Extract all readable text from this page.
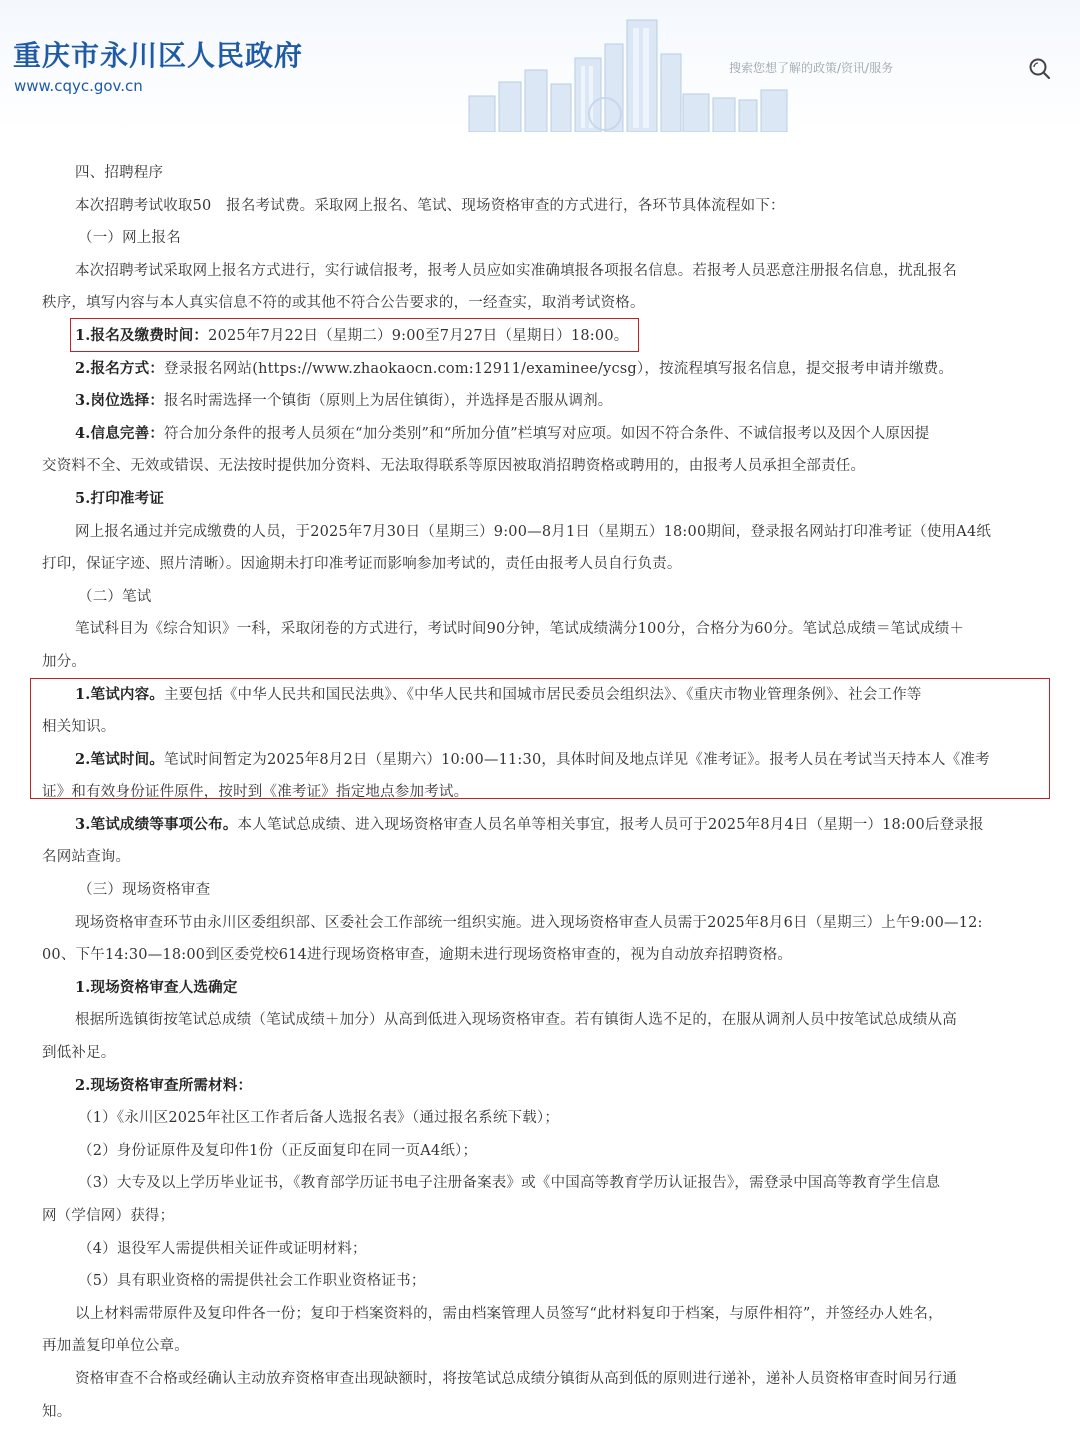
重庆市永川区人民政府
www.cqyc.gov.cn
搜索您想了解的政策/资讯/服务

四、招聘程序

本次招聘考试收取50　报名考试费。采取网上报名、笔试、现场资格审查的方式进行，各环节具体流程如下：

（一）网上报名

本次招聘考试采取网上报名方式进行，实行诚信报考，报考人员应如实准确填报各项报名信息。若报考人员恶意注册报名信息，扰乱报名

秩序，填写内容与本人真实信息不符的或其他不符合公告要求的，一经查实，取消考试资格。

1.报名及缴费时间：2025年7月22日（星期二）9:00至7月27日（星期日）18:00。

2.报名方式：登录报名网站(https://www.zhaokaocn.com:12911/examinee/ycsg），按流程填写报名信息，提交报考申请并缴费。

3.岗位选择：报名时需选择一个镇街（原则上为居住镇街），并选择是否服从调剂。

4.信息完善：符合加分条件的报考人员须在“加分类别”和“所加分值”栏填写对应项。如因不符合条件、不诚信报考以及因个人原因提

交资料不全、无效或错误、无法按时提供加分资料、无法取得联系等原因被取消招聘资格或聘用的，由报考人员承担全部责任。

5.打印准考证

网上报名通过并完成缴费的人员，于2025年7月30日（星期三）9:00—8月1日（星期五）18:00期间，登录报名网站打印准考证（使用A4纸

打印，保证字迹、照片清晰）。因逾期未打印准考证而影响参加考试的，责任由报考人员自行负责。

（二）笔试

笔试科目为《综合知识》一科，采取闭卷的方式进行，考试时间90分钟，笔试成绩满分100分，合格分为60分。笔试总成绩＝笔试成绩＋

加分。

1.笔试内容。主要包括《中华人民共和国民法典》、《中华人民共和国城市居民委员会组织法》、《重庆市物业管理条例》、社会工作等

相关知识。

2.笔试时间。笔试时间暂定为2025年8月2日（星期六）10:00—11:30，具体时间及地点详见《准考证》。报考人员在考试当天持本人《准考

证》和有效身份证件原件，按时到《准考证》指定地点参加考试。

3.笔试成绩等事项公布。本人笔试总成绩、进入现场资格审查人员名单等相关事宜，报考人员可于2025年8月4日（星期一）18:00后登录报

名网站查询。

（三）现场资格审查

现场资格审查环节由永川区委组织部、区委社会工作部统一组织实施。进入现场资格审查人员需于2025年8月6日（星期三）上午9:00—12:

00、下午14:30—18:00到区委党校614进行现场资格审查，逾期未进行现场资格审查的，视为自动放弃招聘资格。

1.现场资格审查人选确定

根据所选镇街按笔试总成绩（笔试成绩＋加分）从高到低进入现场资格审查。若有镇街人选不足的，在服从调剂人员中按笔试总成绩从高

到低补足。

2.现场资格审查所需材料：

（1）《永川区2025年社区工作者后备人选报名表》（通过报名系统下载）；

（2）身份证原件及复印件1份（正反面复印在同一页A4纸）；

（3）大专及以上学历毕业证书，《教育部学历证书电子注册备案表》或《中国高等教育学历认证报告》，需登录中国高等教育学生信息

网（学信网）获得；

（4）退役军人需提供相关证件或证明材料；

（5）具有职业资格的需提供社会工作职业资格证书；

以上材料需带原件及复印件各一份；复印于档案资料的，需由档案管理人员签写“此材料复印于档案，与原件相符”，并签经办人姓名，

再加盖复印单位公章。

资格审查不合格或经确认主动放弃资格审查出现缺额时，将按笔试总成绩分镇街从高到低的原则进行递补，递补人员资格审查时间另行通

知。
